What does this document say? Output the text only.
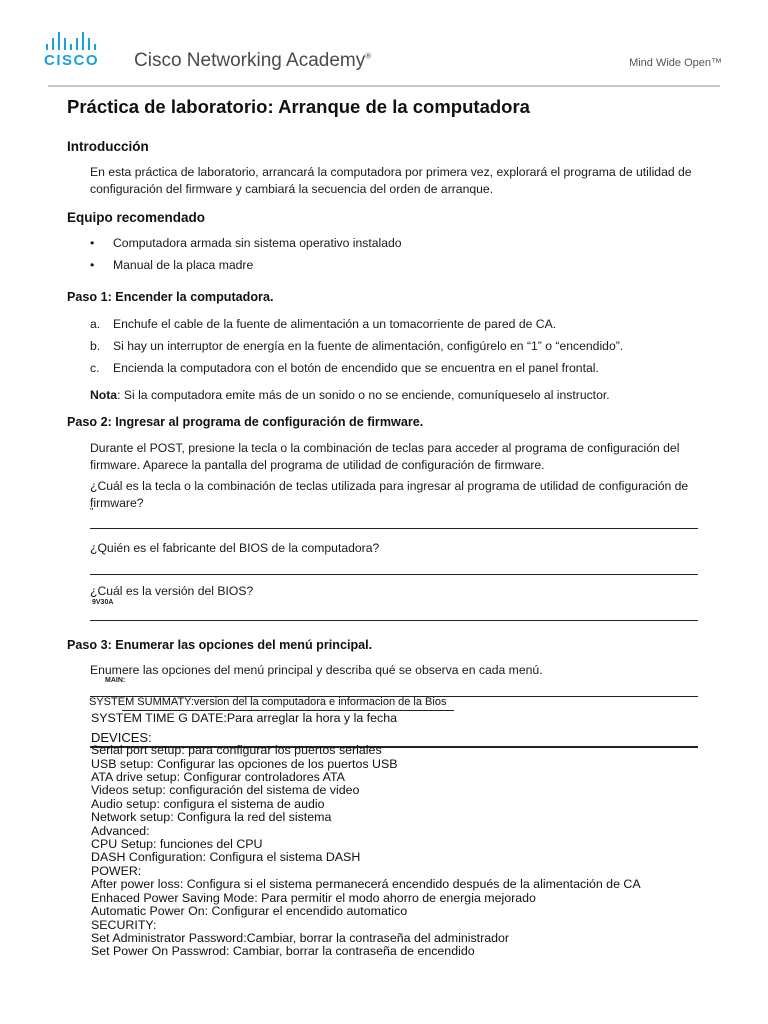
CISCO Cisco Networking Academy®
Mind Wide Open™
Práctica de laboratorio: Arranque de la computadora
Introducción

En esta práctica de laboratorio, arrancará la computadora por primera vez, explorará el programa de utilidad de configuración del firmware y cambiará la secuencia del orden de arranque.

Equipo recomendado
• Computadora armada sin sistema operativo instalado
• Manual de la placa madre
Paso 1: Encender la computadora.
a. Enchufe el cable de la fuente de alimentación a un tomacorriente de pared de CA.
b. Si hay un interruptor de energía en la fuente de alimentación, configúrelo en “1” o “encendido”.
c. Encienda la computadora con el botón de encendido que se encuentra en el panel frontal.

Nota: Si la computadora emite más de un sonido o no se enciende, comuníqueselo al instructor.

Paso 2: Ingresar al programa de configuración de firmware.

Durante el POST, presione la tecla o la combinación de teclas para acceder al programa de configuración del firmware. Aparece la pantalla del programa de utilidad de configuración de firmware.

¿Cuál es la tecla o la combinación de teclas utilizada para ingresar al programa de utilidad de configuración de firmware?

''

¿Quién es el fabricante del BIOS de la computadora?

¿Cuál es la versión del BIOS?

9V30A
Paso 3: Enumerar las opciones del menú principal.

Enumere las opciones del menú principal y describa qué se observa en cada menú.

MAIN:
SYSTEM SUMMATY:version del la computadora e informacion de la Bios
SYSTEM TIME G DATE:Para arreglar la hora y la fecha
DEVICES:
Serial port setup: para configurar los puertos seriales
USB setup: Configurar las opciones de los puertos USB
ATA drive setup: Configurar controladores ATA
Videos setup: configuración del sistema de video
Audio setup: configura el sistema de audio
Network setup: Configura la red del sistema
Advanced:
CPU Setup: funciones del CPU
DASH Configuration: Configura el sistema DASH
POWER:
After power loss: Configura si el sistema permanecerá encendido después de la alimentación de CA
Enhaced Power Saving Mode: Para permitir el modo ahorro de energia mejorado
Automatic Power On: Configurar el encendido automatico
SECURITY:
Set Administrator Password:Cambiar, borrar la contraseña del administrador
Set Power On Passwrod: Cambiar, borrar la contraseña de encendido
